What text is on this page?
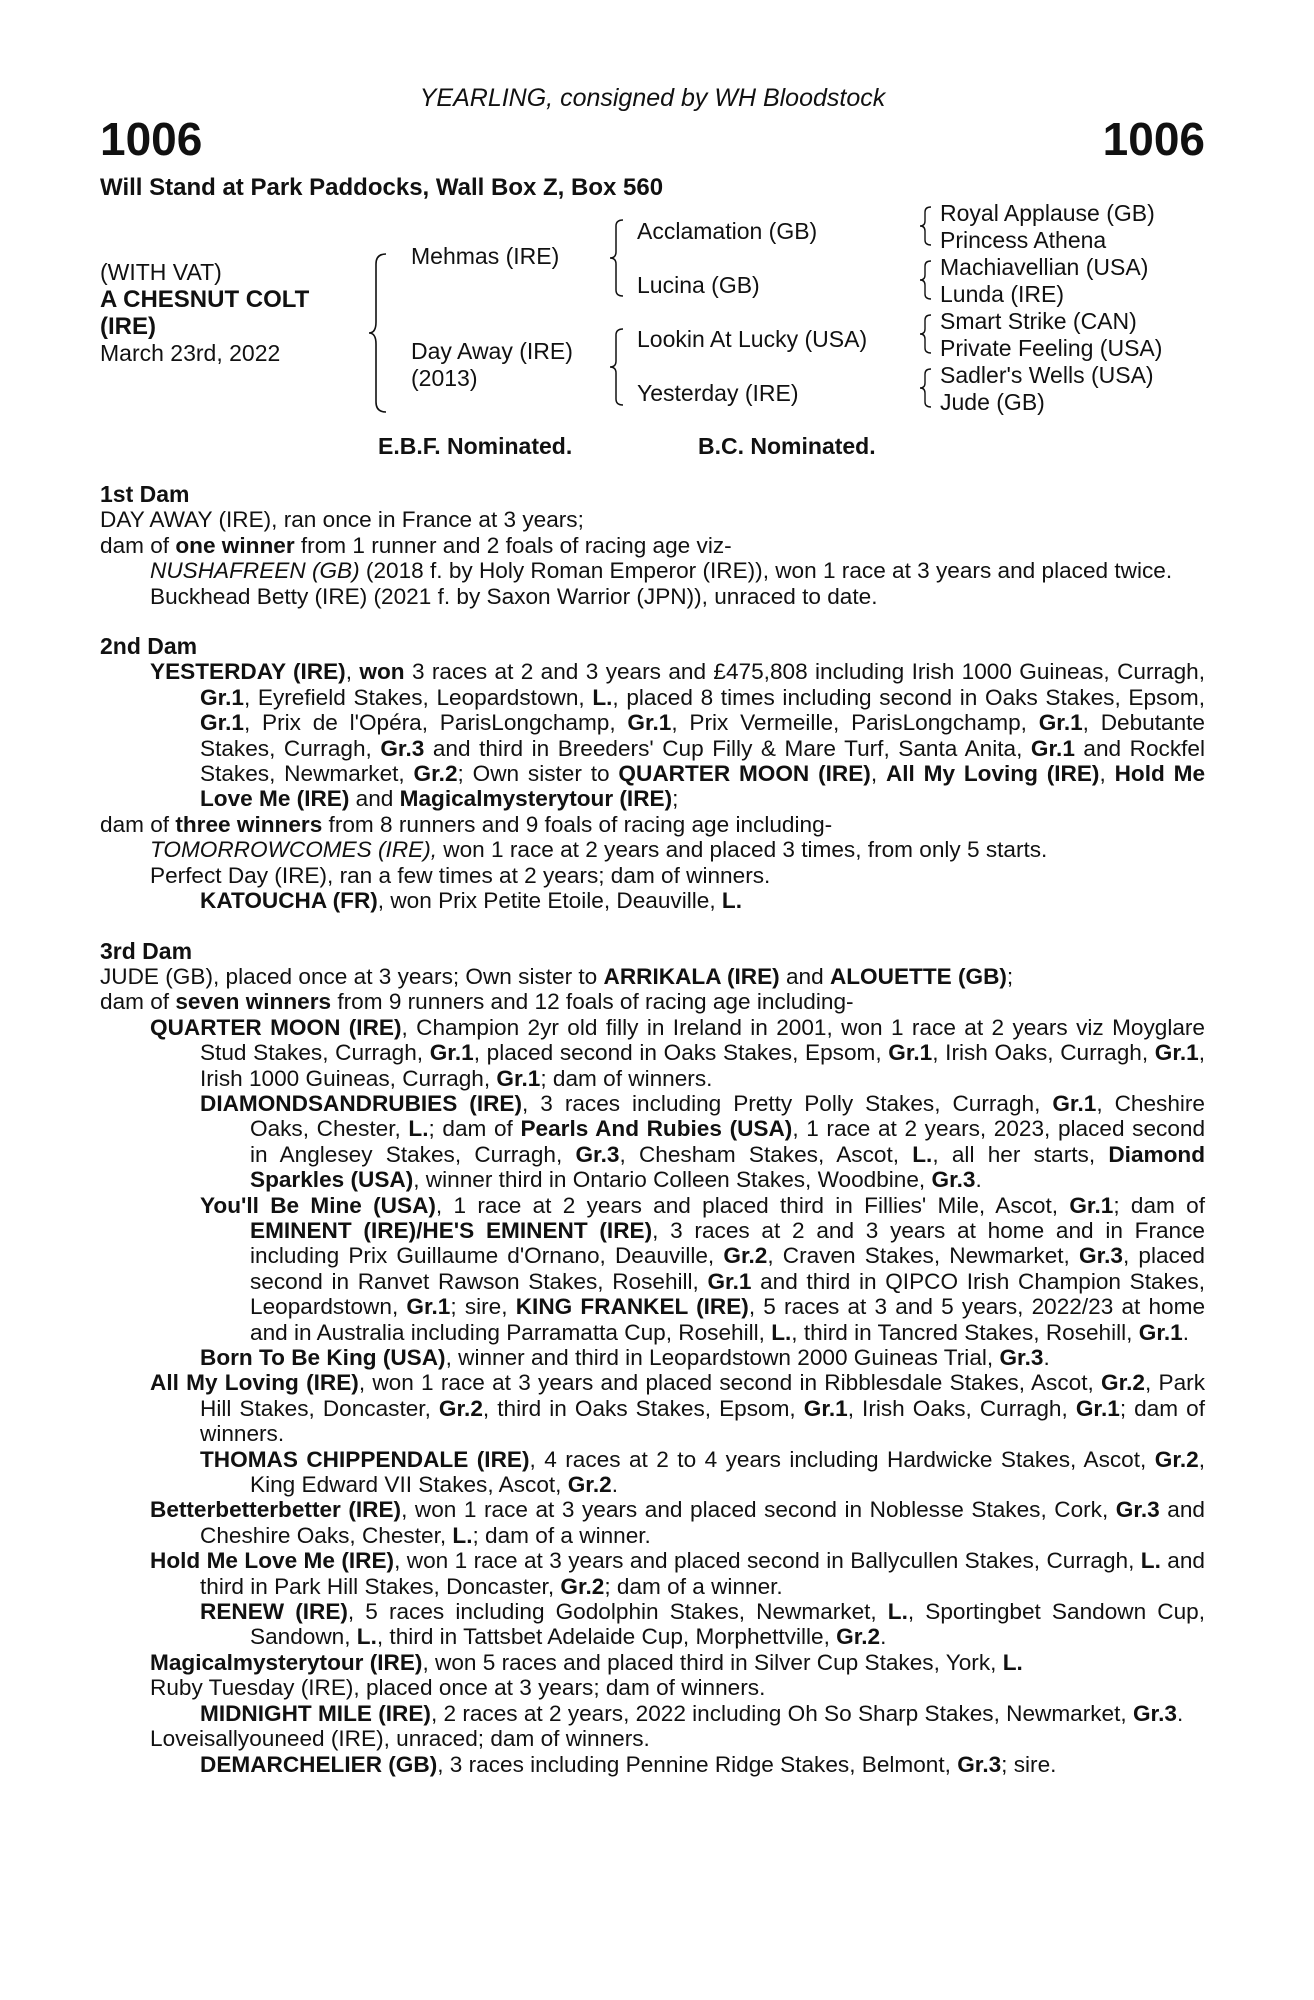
YEARLING, consigned by WH Bloodstock
1006	1006
Will Stand at Park Paddocks, Wall Box Z, Box 560
(WITH VAT)
A CHESNUT COLT
(IRE)
March 23rd, 2022
Mehmas (IRE)
Day Away (IRE)
(2013)
Acclamation (GB)
Lucina (GB)
Lookin At Lucky (USA)
Yesterday (IRE)
Royal Applause (GB)
Princess Athena
Machiavellian (USA)
Lunda (IRE)
Smart Strike (CAN)
Private Feeling (USA)
Sadler's Wells (USA)
Jude (GB)
E.B.F. Nominated.	B.C. Nominated.

1st Dam

DAY AWAY (IRE), ran once in France at 3 years;

dam of one winner from 1 runner and 2 foals of racing age viz-

NUSHAFREEN (GB) (2018 f. by Holy Roman Emperor (IRE)), won 1 race at 3 years and placed twice.

Buckhead Betty (IRE) (2021 f. by Saxon Warrior (JPN)), unraced to date.

2nd Dam

YESTERDAY (IRE), won 3 races at 2 and 3 years and £475,808 including Irish 1000 Guineas, Curragh, Gr.1, Eyrefield Stakes, Leopardstown, L., placed 8 times including second in Oaks Stakes, Epsom, Gr.1, Prix de l'Opéra, ParisLongchamp, Gr.1, Prix Vermeille, ParisLongchamp, Gr.1, Debutante Stakes, Curragh, Gr.3 and third in Breeders' Cup Filly & Mare Turf, Santa Anita, Gr.1 and Rockfel Stakes, Newmarket, Gr.2; Own sister to QUARTER MOON (IRE), All My Loving (IRE), Hold Me Love Me (IRE) and Magicalmysterytour (IRE);

dam of three winners from 8 runners and 9 foals of racing age including-

TOMORROWCOMES (IRE), won 1 race at 2 years and placed 3 times, from only 5 starts.

Perfect Day (IRE), ran a few times at 2 years; dam of winners.

KATOUCHA (FR), won Prix Petite Etoile, Deauville, L.

3rd Dam

JUDE (GB), placed once at 3 years; Own sister to ARRIKALA (IRE) and ALOUETTE (GB);

dam of seven winners from 9 runners and 12 foals of racing age including-

QUARTER MOON (IRE), Champion 2yr old filly in Ireland in 2001, won 1 race at 2 years viz Moyglare Stud Stakes, Curragh, Gr.1, placed second in Oaks Stakes, Epsom, Gr.1, Irish Oaks, Curragh, Gr.1, Irish 1000 Guineas, Curragh, Gr.1; dam of winners.

DIAMONDSANDRUBIES (IRE), 3 races including Pretty Polly Stakes, Curragh, Gr.1, Cheshire Oaks, Chester, L.; dam of Pearls And Rubies (USA), 1 race at 2 years, 2023, placed second in Anglesey Stakes, Curragh, Gr.3, Chesham Stakes, Ascot, L., all her starts, Diamond Sparkles (USA), winner third in Ontario Colleen Stakes, Woodbine, Gr.3.

You'll Be Mine (USA), 1 race at 2 years and placed third in Fillies' Mile, Ascot, Gr.1; dam of EMINENT (IRE)/HE'S EMINENT (IRE), 3 races at 2 and 3 years at home and in France including Prix Guillaume d'Ornano, Deauville, Gr.2, Craven Stakes, Newmarket, Gr.3, placed second in Ranvet Rawson Stakes, Rosehill, Gr.1 and third in QIPCO Irish Champion Stakes, Leopardstown, Gr.1; sire, KING FRANKEL (IRE), 5 races at 3 and 5 years, 2022/23 at home and in Australia including Parramatta Cup, Rosehill, L., third in Tancred Stakes, Rosehill, Gr.1.

Born To Be King (USA), winner and third in Leopardstown 2000 Guineas Trial, Gr.3.

All My Loving (IRE), won 1 race at 3 years and placed second in Ribblesdale Stakes, Ascot, Gr.2, Park Hill Stakes, Doncaster, Gr.2, third in Oaks Stakes, Epsom, Gr.1, Irish Oaks, Curragh, Gr.1; dam of winners.

THOMAS CHIPPENDALE (IRE), 4 races at 2 to 4 years including Hardwicke Stakes, Ascot, Gr.2, King Edward VII Stakes, Ascot, Gr.2.

Betterbetterbetter (IRE), won 1 race at 3 years and placed second in Noblesse Stakes, Cork, Gr.3 and Cheshire Oaks, Chester, L.; dam of a winner.

Hold Me Love Me (IRE), won 1 race at 3 years and placed second in Ballycullen Stakes, Curragh, L. and third in Park Hill Stakes, Doncaster, Gr.2; dam of a winner.

RENEW (IRE), 5 races including Godolphin Stakes, Newmarket, L., Sportingbet Sandown Cup, Sandown, L., third in Tattsbet Adelaide Cup, Morphettville, Gr.2.

Magicalmysterytour (IRE), won 5 races and placed third in Silver Cup Stakes, York, L.

Ruby Tuesday (IRE), placed once at 3 years; dam of winners.

MIDNIGHT MILE (IRE), 2 races at 2 years, 2022 including Oh So Sharp Stakes, Newmarket, Gr.3.

Loveisallyouneed (IRE), unraced; dam of winners.

DEMARCHELIER (GB), 3 races including Pennine Ridge Stakes, Belmont, Gr.3; sire.
